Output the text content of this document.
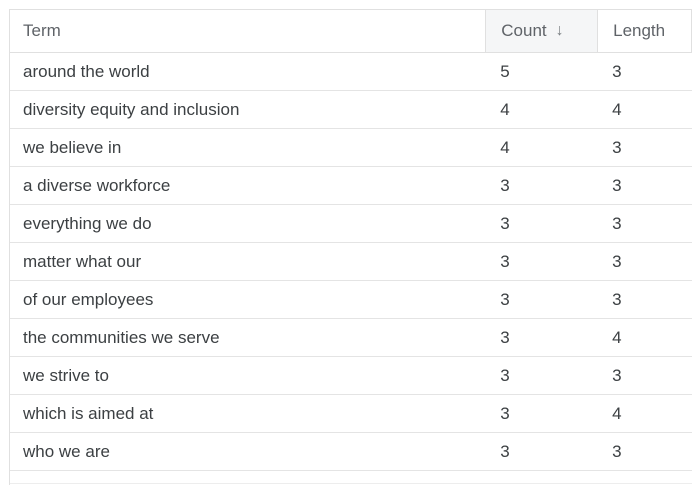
Term	Count ↓	Length
around the world	5	3
diversity equity and inclusion	4	4
we believe in	4	3
a diverse workforce	3	3
everything we do	3	3
matter what our	3	3
of our employees	3	3
the communities we serve	3	4
we strive to	3	3
which is aimed at	3	4
who we are	3	3
